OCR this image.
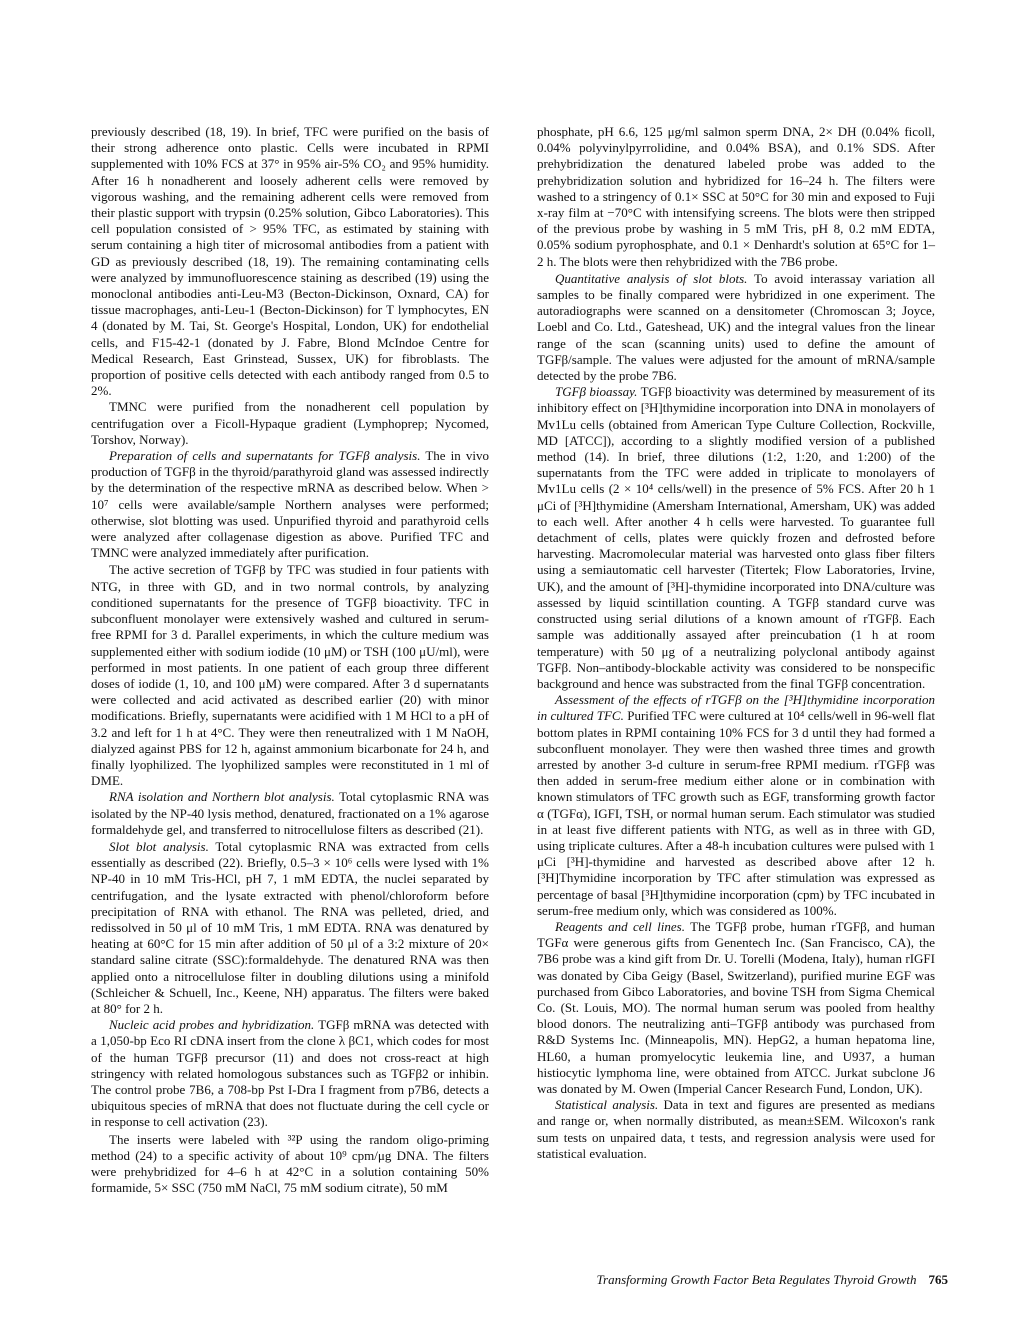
previously described (18, 19). In brief, TFC were purified on the basis of their strong adherence onto plastic. Cells were incubated in RPMI supplemented with 10% FCS at 37° in 95% air-5% CO₂ and 95% humidity. After 16 h nonadherent and loosely adherent cells were removed by vigorous washing, and the remaining adherent cells were removed from their plastic support with trypsin (0.25% solution, Gibco Laboratories). This cell population consisted of > 95% TFC, as estimated by staining with serum containing a high titer of microsomal antibodies from a patient with GD as previously described (18, 19). The remaining contaminating cells were analyzed by immunofluorescence staining as described (19) using the monoclonal antibodies anti-Leu-M3 (Becton-Dickinson, Oxnard, CA) for tissue macrophages, anti-Leu-1 (Becton-Dickinson) for T lymphocytes, EN 4 (donated by M. Tai, St. George's Hospital, London, UK) for endothelial cells, and F15-42-1 (donated by J. Fabre, Blond McIndoe Centre for Medical Research, East Grinstead, Sussex, UK) for fibroblasts. The proportion of positive cells detected with each antibody ranged from 0.5 to 2%.

TMNC were purified from the nonadherent cell population by centrifugation over a Ficoll-Hypaque gradient (Lymphoprep; Nycomed, Torshov, Norway).

Preparation of cells and supernatants for TGFβ analysis. The in vivo production of TGFβ in the thyroid/parathyroid gland was assessed indirectly by the determination of the respective mRNA as described below. When > 10⁷ cells were available/sample Northern analyses were performed; otherwise, slot blotting was used. Unpurified thyroid and parathyroid cells were analyzed after collagenase digestion as above. Purified TFC and TMNC were analyzed immediately after purification.

The active secretion of TGFβ by TFC was studied in four patients with NTG, in three with GD, and in two normal controls, by analyzing conditioned supernatants for the presence of TGFβ bioactivity. TFC in subconfluent monolayer were extensively washed and cultured in serum-free RPMI for 3 d. Parallel experiments, in which the culture medium was supplemented either with sodium iodide (10 μM) or TSH (100 μU/ml), were performed in most patients. In one patient of each group three different doses of iodide (1, 10, and 100 μM) were compared. After 3 d supernatants were collected and acid activated as described earlier (20) with minor modifications. Briefly, supernatants were acidified with 1 M HCl to a pH of 3.2 and left for 1 h at 4°C. They were then reneutralized with 1 M NaOH, dialyzed against PBS for 12 h, against ammonium bicarbonate for 24 h, and finally lyophilized. The lyophilized samples were reconstituted in 1 ml of DME.

RNA isolation and Northern blot analysis. Total cytoplasmic RNA was isolated by the NP-40 lysis method, denatured, fractionated on a 1% agarose formaldehyde gel, and transferred to nitrocellulose filters as described (21).

Slot blot analysis. Total cytoplasmic RNA was extracted from cells essentially as described (22). Briefly, 0.5–3 × 10⁶ cells were lysed with 1% NP-40 in 10 mM Tris-HCl, pH 7, 1 mM EDTA, the nuclei separated by centrifugation, and the lysate extracted with phenol/chloroform before precipitation of RNA with ethanol. The RNA was pelleted, dried, and redissolved in 50 μl of 10 mM Tris, 1 mM EDTA. RNA was denatured by heating at 60°C for 15 min after addition of 50 μl of a 3:2 mixture of 20× standard saline citrate (SSC):formaldehyde. The denatured RNA was then applied onto a nitrocellulose filter in doubling dilutions using a minifold (Schleicher & Schuell, Inc., Keene, NH) apparatus. The filters were baked at 80° for 2 h.

Nucleic acid probes and hybridization. TGFβ mRNA was detected with a 1,050-bp Eco RI cDNA insert from the clone λ βC1, which codes for most of the human TGFβ precursor (11) and does not cross-react at high stringency with related homologous substances such as TGFβ2 or inhibin. The control probe 7B6, a 708-bp Pst I-Dra I fragment from p7B6, detects a ubiquitous species of mRNA that does not fluctuate during the cell cycle or in response to cell activation (23).

The inserts were labeled with ³²P using the random oligo-priming method (24) to a specific activity of about 10⁹ cpm/μg DNA. The filters were prehybridized for 4–6 h at 42°C in a solution containing 50% formamide, 5× SSC (750 mM NaCl, 75 mM sodium citrate), 50 mM

phosphate, pH 6.6, 125 μg/ml salmon sperm DNA, 2× DH (0.04% ficoll, 0.04% polyvinylpyrrolidine, and 0.04% BSA), and 0.1% SDS. After prehybridization the denatured labeled probe was added to the prehybridization solution and hybridized for 16–24 h. The filters were washed to a stringency of 0.1× SSC at 50°C for 30 min and exposed to Fuji x-ray film at −70°C with intensifying screens. The blots were then stripped of the previous probe by washing in 5 mM Tris, pH 8, 0.2 mM EDTA, 0.05% sodium pyrophosphate, and 0.1 × Denhardt's solution at 65°C for 1–2 h. The blots were then rehybridized with the 7B6 probe.

Quantitative analysis of slot blots. To avoid interassay variation all samples to be finally compared were hybridized in one experiment. The autoradiographs were scanned on a densitometer (Chromoscan 3; Joyce, Loebl and Co. Ltd., Gateshead, UK) and the integral values fron the linear range of the scan (scanning units) used to define the amount of TGFβ/sample. The values were adjusted for the amount of mRNA/sample detected by the probe 7B6.

TGFβ bioassay. TGFβ bioactivity was determined by measurement of its inhibitory effect on [³H]thymidine incorporation into DNA in monolayers of Mv1Lu cells (obtained from American Type Culture Collection, Rockville, MD [ATCC]), according to a slightly modified version of a published method (14). In brief, three dilutions (1:2, 1:20, and 1:200) of the supernatants from the TFC were added in triplicate to monolayers of Mv1Lu cells (2 × 10⁴ cells/well) in the presence of 5% FCS. After 20 h 1 μCi of [³H]thymidine (Amersham International, Amersham, UK) was added to each well. After another 4 h cells were harvested. To guarantee full detachment of cells, plates were quickly frozen and defrosted before harvesting. Macromolecular material was harvested onto glass fiber filters using a semiautomatic cell harvester (Titertek; Flow Laboratories, Irvine, UK), and the amount of [³H]-thymidine incorporated into DNA/culture was assessed by liquid scintillation counting. A TGFβ standard curve was constructed using serial dilutions of a known amount of rTGFβ. Each sample was additionally assayed after preincubation (1 h at room temperature) with 50 μg of a neutralizing polyclonal antibody against TGFβ. Non–antibody-blockable activity was considered to be nonspecific background and hence was substracted from the final TGFβ concentration.

Assessment of the effects of rTGFβ on the [³H]thymidine incorporation in cultured TFC. Purified TFC were cultured at 10⁴ cells/well in 96-well flat bottom plates in RPMI containing 10% FCS for 3 d until they had formed a subconfluent monolayer. They were then washed three times and growth arrested by another 3-d culture in serum-free RPMI medium. rTGFβ was then added in serum-free medium either alone or in combination with known stimulators of TFC growth such as EGF, transforming growth factor α (TGFα), IGFI, TSH, or normal human serum. Each stimulator was studied in at least five different patients with NTG, as well as in three with GD, using triplicate cultures. After a 48-h incubation cultures were pulsed with 1 μCi [³H]-thymidine and harvested as described above after 12 h. [³H]Thymidine incorporation by TFC after stimulation was expressed as percentage of basal [³H]thymidine incorporation (cpm) by TFC incubated in serum-free medium only, which was considered as 100%.

Reagents and cell lines. The TGFβ probe, human rTGFβ, and human TGFα were generous gifts from Genentech Inc. (San Francisco, CA), the 7B6 probe was a kind gift from Dr. U. Torelli (Modena, Italy), human rIGFI was donated by Ciba Geigy (Basel, Switzerland), purified murine EGF was purchased from Gibco Laboratories, and bovine TSH from Sigma Chemical Co. (St. Louis, MO). The normal human serum was pooled from healthy blood donors. The neutralizing anti–TGFβ antibody was purchased from R&D Systems Inc. (Minneapolis, MN). HepG2, a human hepatoma line, HL60, a human promyelocytic leukemia line, and U937, a human histiocytic lymphoma line, were obtained from ATCC. Jurkat subclone J6 was donated by M. Owen (Imperial Cancer Research Fund, London, UK).

Statistical analysis. Data in text and figures are presented as medians and range or, when normally distributed, as mean±SEM. Wilcoxon's rank sum tests on unpaired data, t tests, and regression analysis were used for statistical evaluation.

Transforming Growth Factor Beta Regulates Thyroid Growth 765
